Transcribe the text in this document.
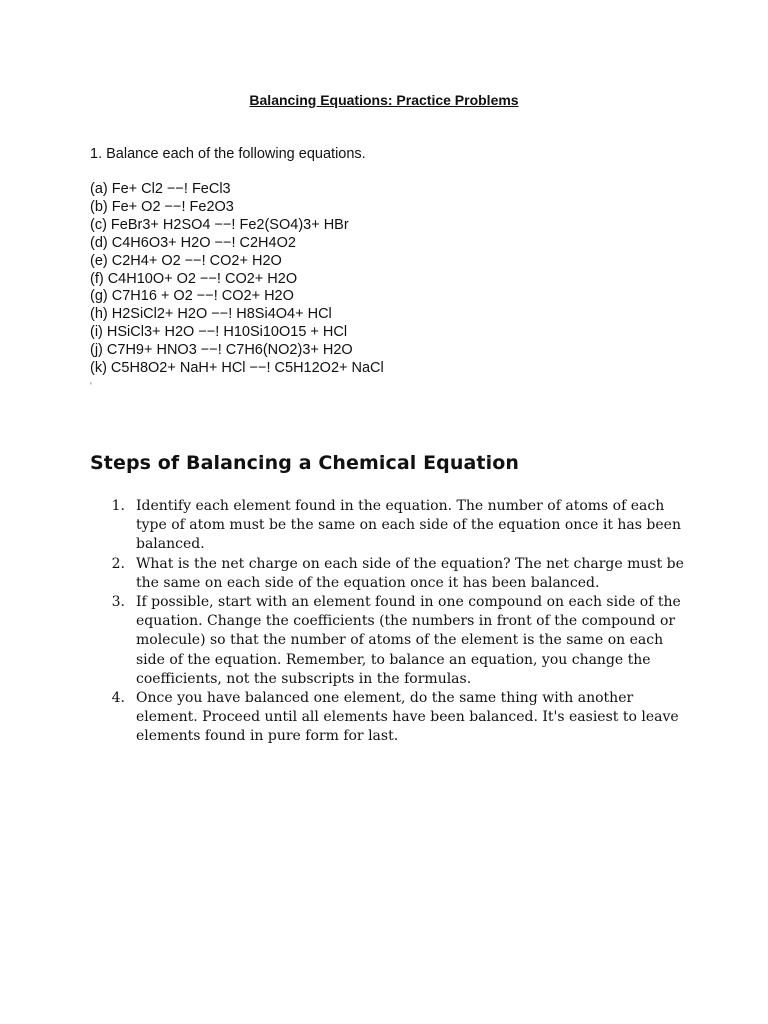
Balancing Equations: Practice Problems
1. Balance each of the following equations.
(a) Fe+ Cl2 −−! FeCl3
(b) Fe+ O2 −−! Fe2O3
(c) FeBr3+ H2SO4 −−! Fe2(SO4)3+ HBr
(d) C4H6O3+ H2O −−! C2H4O2
(e) C2H4+ O2 −−! CO2+ H2O
(f) C4H10O+ O2 −−! CO2+ H2O
(g) C7H16 + O2 −−! CO2+ H2O
(h) H2SiCl2+ H2O −−! H8Si4O4+ HCl
(i) HSiCl3+ H2O −−! H10Si10O15 + HCl
(j) C7H9+ HNO3 −−! C7H6(NO2)3+ H2O
(k) C5H8O2+ NaH+ HCl −−! C5H12O2+ NaCl
'
Steps of Balancing a Chemical Equation
1. Identify each element found in the equation. The number of atoms of each type of atom must be the same on each side of the equation once it has been balanced.
2. What is the net charge on each side of the equation? The net charge must be the same on each side of the equation once it has been balanced.
3. If possible, start with an element found in one compound on each side of the equation. Change the coefficients (the numbers in front of the compound or molecule) so that the number of atoms of the element is the same on each side of the equation. Remember, to balance an equation, you change the coefficients, not the subscripts in the formulas.
4. Once you have balanced one element, do the same thing with another element. Proceed until all elements have been balanced. It's easiest to leave elements found in pure form for last.
